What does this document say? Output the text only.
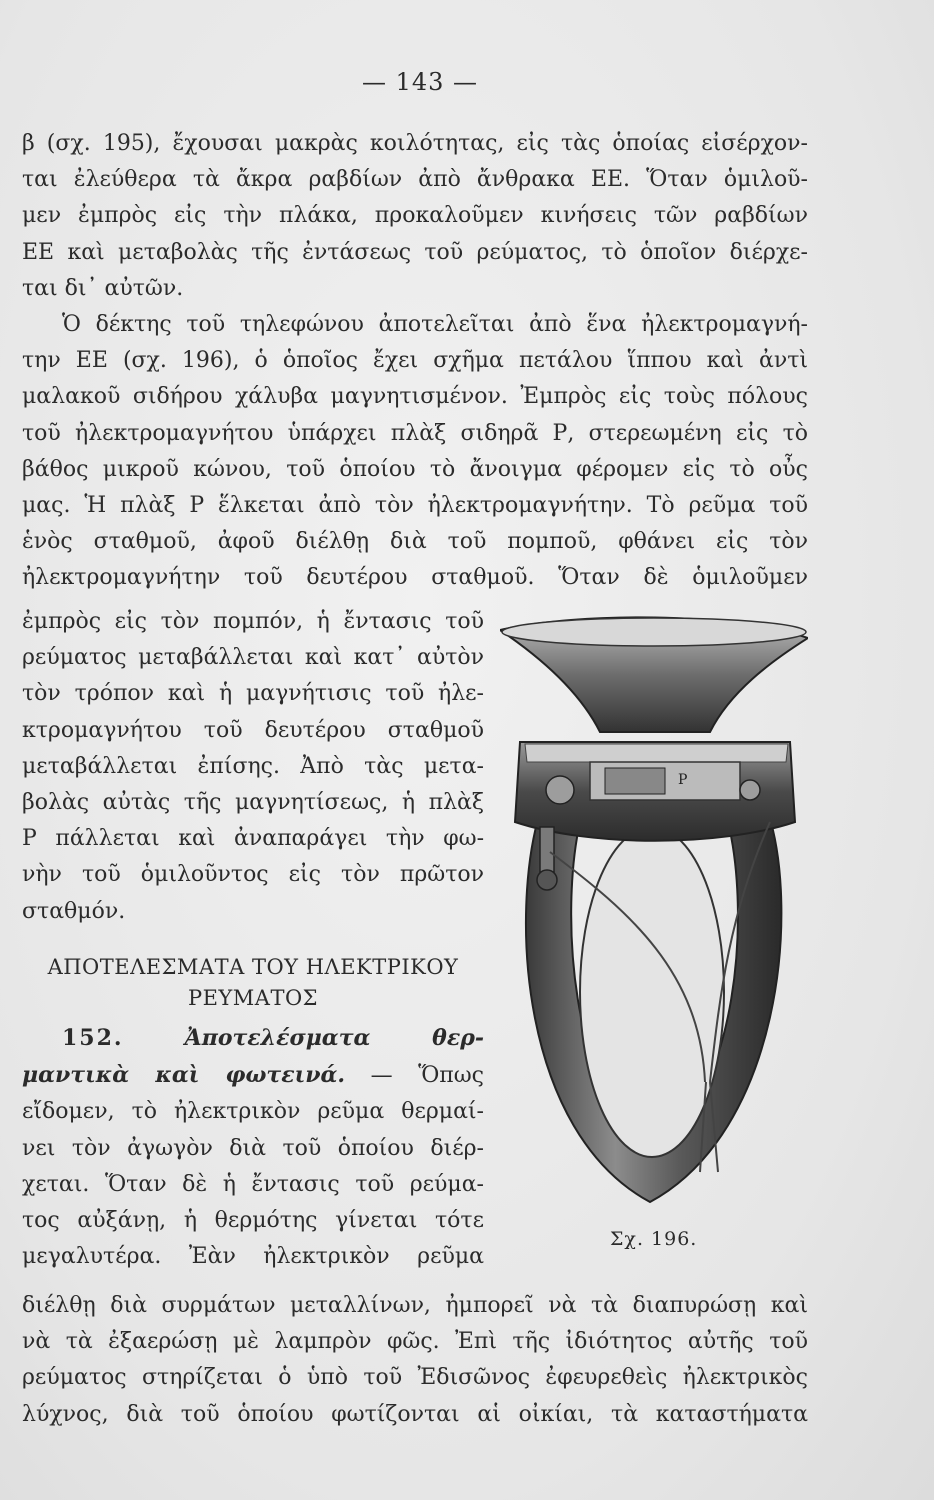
— 143 —
β (σχ. 195), ἔχουσαι μακρὰς κοιλότητας, εἰς τὰς ὁποίας εἰσέρχον-
ται ἐλεύθερα τὰ ἄκρα ραβδίων ἀπὸ ἄνθρακα ΕΕ. Ὅταν ὁμιλοῦ-
μεν ἐμπρὸς εἰς τὴν πλάκα, προκαλοῦμεν κινήσεις τῶν ραβδίων
ΕΕ καὶ μεταβολὰς τῆς ἐντάσεως τοῦ ρεύματος, τὸ ὁποῖον διέρχε-
ται δι᾽ αὐτῶν.
Ὁ δέκτης τοῦ τηλεφώνου ἀποτελεῖται ἀπὸ ἕνα ἠλεκτρομαγνή-
την ΕΕ (σχ. 196), ὁ ὁποῖος ἔχει σχῆμα πετάλου ἵππου καὶ ἀντὶ
μαλακοῦ σιδήρου χάλυβα μαγνητισμένον. Ἐμπρὸς εἰς τοὺς πόλους
τοῦ ἠλεκτρομαγνήτου ὑπάρχει πλὰξ σιδηρᾶ Ρ, στερεωμένη εἰς τὸ
βάθος μικροῦ κώνου, τοῦ ὁποίου τὸ ἄνοιγμα φέρομεν εἰς τὸ οὖς
μας. Ἡ πλὰξ Ρ ἕλκεται ἀπὸ τὸν ἠλεκτρομαγνήτην. Τὸ ρεῦμα τοῦ
ἑνὸς σταθμοῦ, ἀφοῦ διέλθῃ διὰ τοῦ πομποῦ, φθάνει εἰς τὸν
ἠλεκτρομαγνήτην τοῦ δευτέρου σταθμοῦ. Ὅταν δὲ ὁμιλοῦμεν
ἐμπρὸς εἰς τὸν πομπόν, ἡ ἔντασις τοῦ
ρεύματος μεταβάλλεται καὶ κατ᾽ αὐτὸν
τὸν τρόπον καὶ ἡ μαγνήτισις τοῦ ἠλε-
κτρομαγνήτου τοῦ δευτέρου σταθμοῦ
μεταβάλλεται ἐπίσης. Ἀπὸ τὰς μετα-
βολὰς αὐτὰς τῆς μαγνητίσεως, ἡ πλὰξ
Ρ πάλλεται καὶ ἀναπαράγει τὴν φω-
νὴν τοῦ ὁμιλοῦντος εἰς τὸν πρῶτον
σταθμόν.
ΑΠΟΤΕΛΕΣΜΑΤΑ ΤΟΥ ΗΛΕΚΤΡΙΚΟΥ
ΡΕΥΜΑΤΟΣ
152.	Ἀποτελέσματα θερ-
μαντικὰ καὶ φωτεινά. — Ὅπως
εἴδομεν, τὸ ἠλεκτρικὸν ρεῦμα θερμαί-
νει τὸν ἀγωγὸν διὰ τοῦ ὁποίου διέρ-
χεται. Ὅταν δὲ ἡ ἔντασις τοῦ ρεύμα-
τος αὐξάνῃ, ἡ θερμότης γίνεται τότε
μεγαλυτέρα. Ἐὰν ἠλεκτρικὸν ρεῦμα
διέλθῃ διὰ συρμάτων μεταλλίνων, ἠμπορεῖ νὰ τὰ διαπυρώσῃ καὶ
νὰ τὰ ἐξαερώσῃ μὲ λαμπρὸν φῶς. Ἐπὶ τῆς ἰδιότητος αὐτῆς τοῦ
ρεύματος στηρίζεται ὁ ὑπὸ τοῦ Ἐδισῶνος ἐφευρεθεὶς ἠλεκτρικὸς
λύχνος, διὰ τοῦ ὁποίου φωτίζονται αἱ οἰκίαι, τὰ καταστήματα
P
Σχ. 196.
